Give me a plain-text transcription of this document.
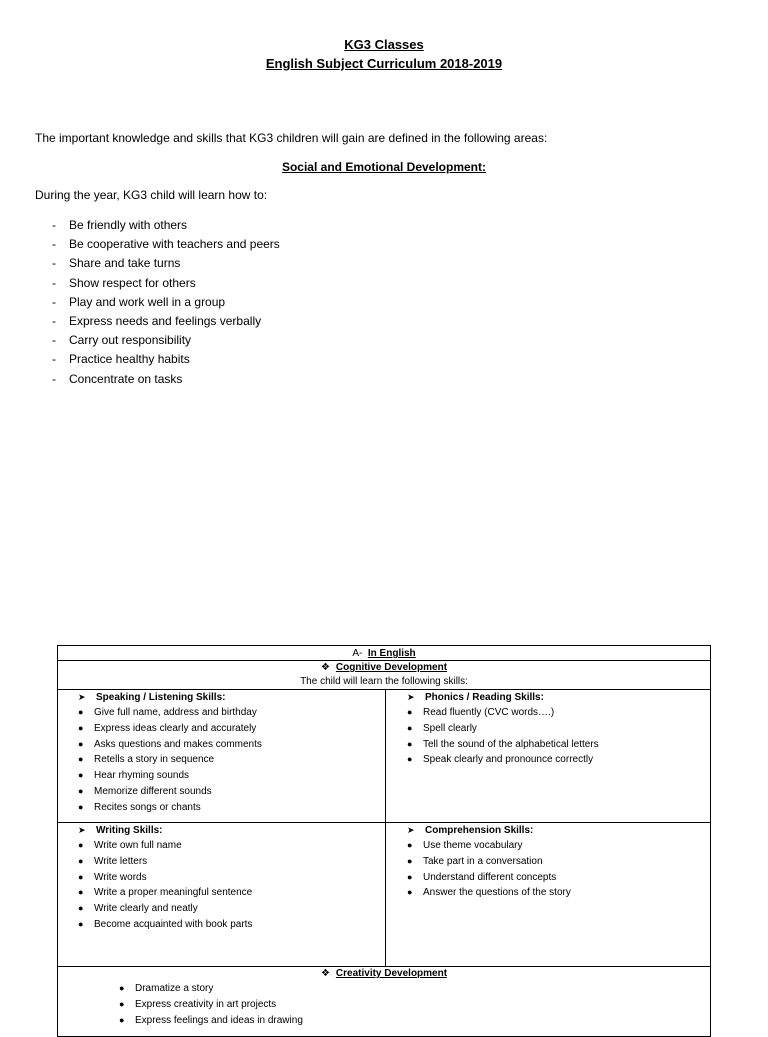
KG3 Classes
English Subject Curriculum 2018-2019
The important knowledge and skills that KG3 children will gain are defined in the following areas:
Social and Emotional Development:
During the year, KG3 child will learn how to:
- Be friendly with others
- Be cooperative with teachers and peers
- Share and take turns
- Show respect for others
- Play and work well in a group
- Express needs and feelings verbally
- Carry out responsibility
- Practice healthy habits
- Concentrate on tasks
A- In English
❖ Cognitive Development
The child will learn the following skills:
➤ Speaking / Listening Skills:
● Give full name, address and birthday
● Express ideas clearly and accurately
● Asks questions and makes comments
● Retells a story in sequence
● Hear rhyming sounds
● Memorize different sounds
● Recites songs or chants
➤ Phonics / Reading Skills:
● Read fluently (CVC words….)
● Spell clearly
● Tell the sound of the alphabetical letters
● Speak clearly and pronounce correctly
➤ Writing Skills:
● Write own full name
● Write letters
● Write words
● Write a proper meaningful sentence
● Write clearly and neatly
● Become acquainted with book parts
➤ Comprehension Skills:
● Use theme vocabulary
● Take part in a conversation
● Understand different concepts
● Answer the questions of the story
❖ Creativity Development
● Dramatize a story
● Express creativity in art projects
● Express feelings and ideas in drawing
